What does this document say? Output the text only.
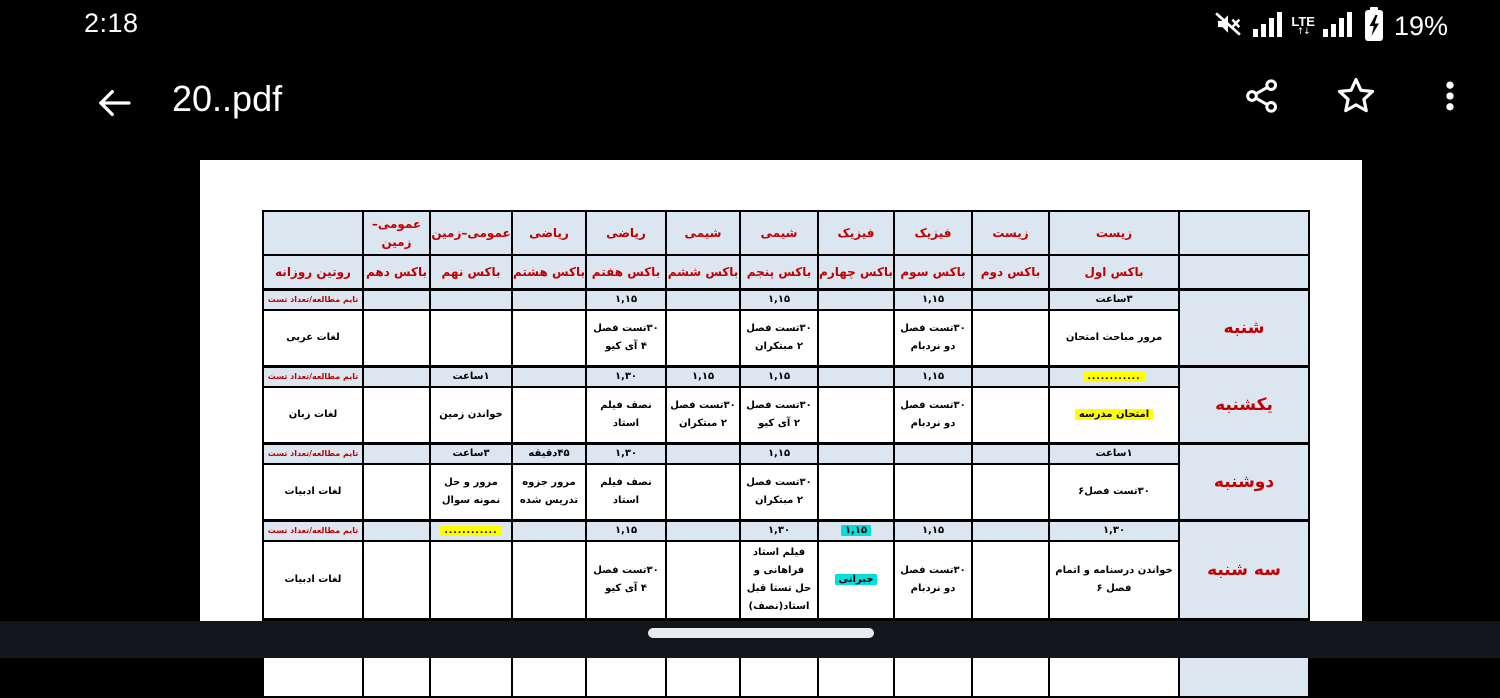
2:18	LTE
↑↓	19%
20..pdf
	زیست	زیست	فیزیک	فیزیک	شیمی	شیمی	ریاضی	ریاضی	عمومی–زمین	عمومی– زمین	
	باکس اول	باکس دوم	باکس سوم	باکس چهارم	باکس پنجم	باکس ششم	باکس هفتم	باکس هشتم	باکس نهم	باکس دهم	روتین روزانه
شنبه	۳ساعت		۱,۱۵		۱,۱۵		۱,۱۵				تایم مطالعه/تعداد تست
	مرور مباحث امتحان		۳۰تست فصل دو نردبام		۳۰تست فصل ۲ مبتکران		۳۰تست فصل ۴ آی کیو				لغات عربی
یکشنبه	............		۱,۱۵		۱,۱۵	۱,۱۵	۱,۳۰		۱ساعت		تایم مطالعه/تعداد تست
	امتحان مدرسه		۳۰تست فصل دو نردبام		۳۰تست فصل ۲ آی کیو	۳۰تست فصل ۲ مبتکران	نصف فیلم استاد		خواندن زمین		لغات زبان
دوشنبه	۱ساعت				۱,۱۵		۱,۳۰	۴۵دقیقه	۳ساعت		تایم مطالعه/تعداد تست
	۳۰تست فصل۶				۳۰تست فصل ۲ مبتکران		نصف فیلم استاد	مرور جزوه تدریس شده	مرور و حل نمونه سوال		لغات ادبیات
سه شنبه	۱,۳۰		۱,۱۵	۱,۱۵	۱,۳۰		۱,۱۵		............		تایم مطالعه/تعداد تست
	خواندن درسنامه و اتمام فصل ۶		۳۰تست فصل دو نردبام	جبرانی	فیلم استاد فراهانی و حل تستا قبل استاد(نصف)		۳۰تست فصل ۴ آی کیو				لغات ادبیات
